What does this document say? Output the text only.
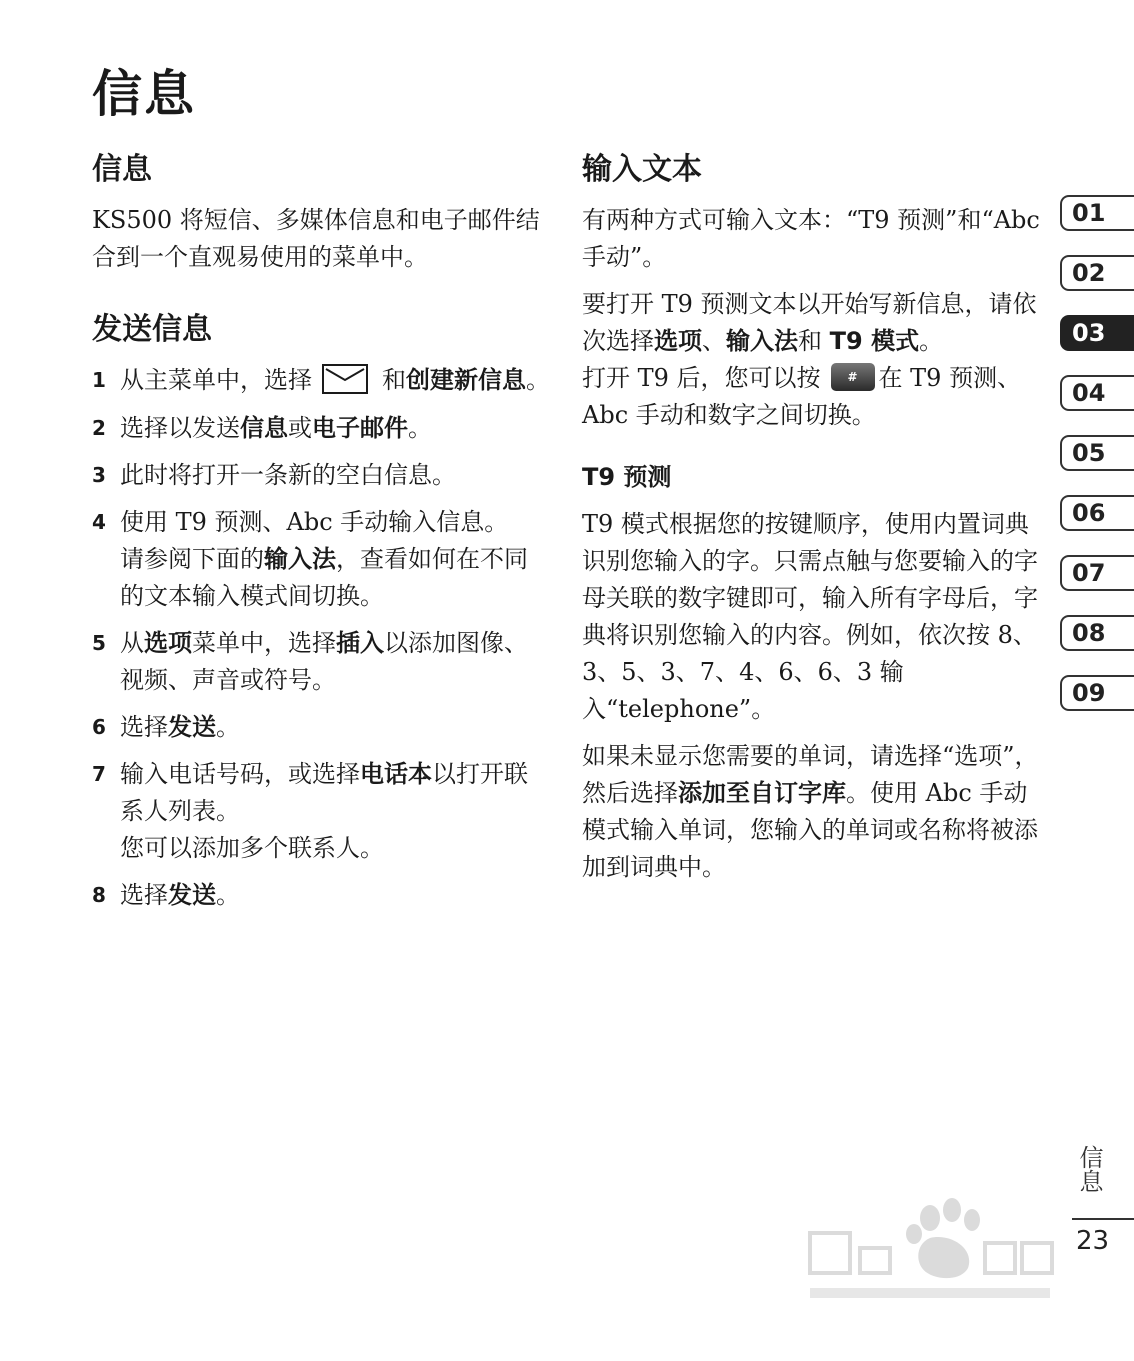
信息
信息

KS500 将短信、多媒体信息和电子邮件结合到一个直观易使用的菜单中。

发送信息
1 从主菜单中，选择	和创建新信息。
2 选择以发送信息或电子邮件。
3 此时将打开一条新的空白信息。
4 使用 T9 预测、Abc 手动输入信息。
请参阅下面的输入法，查看如何在不同的文本输入模式间切换。
5 从选项菜单中，选择插入以添加图像、视频、声音或符号。
6 选择发送。
7 输入电话号码，或选择电话本以打开联系人列表。
您可以添加多个联系人。
8 选择发送。
输入文本

有两种方式可输入文本：“T9 预测”和“Abc 手动”。

要打开 T9 预测文本以开始写新信息，请依次选择选项、输入法和 T9 模式。

打开 T9 后，您可以按 # 在 T9 预测、Abc 手动和数字之间切换。

T9 预测

T9 模式根据您的按键顺序，使用内置词典识别您输入的字。只需点触与您要输入的字母关联的数字键即可，输入所有字母后，字典将识别您输入的内容。例如，依次按 8、3、5、3、7、4、6、6、3 输入“telephone”。

如果未显示您需要的单词，请选择“选项”，然后选择添加至自订字库。使用 Abc 手动模式输入单词，您输入的单词或名称将被添加到词典中。

01
02
03
04
05
06
07
08
09
信息
23
